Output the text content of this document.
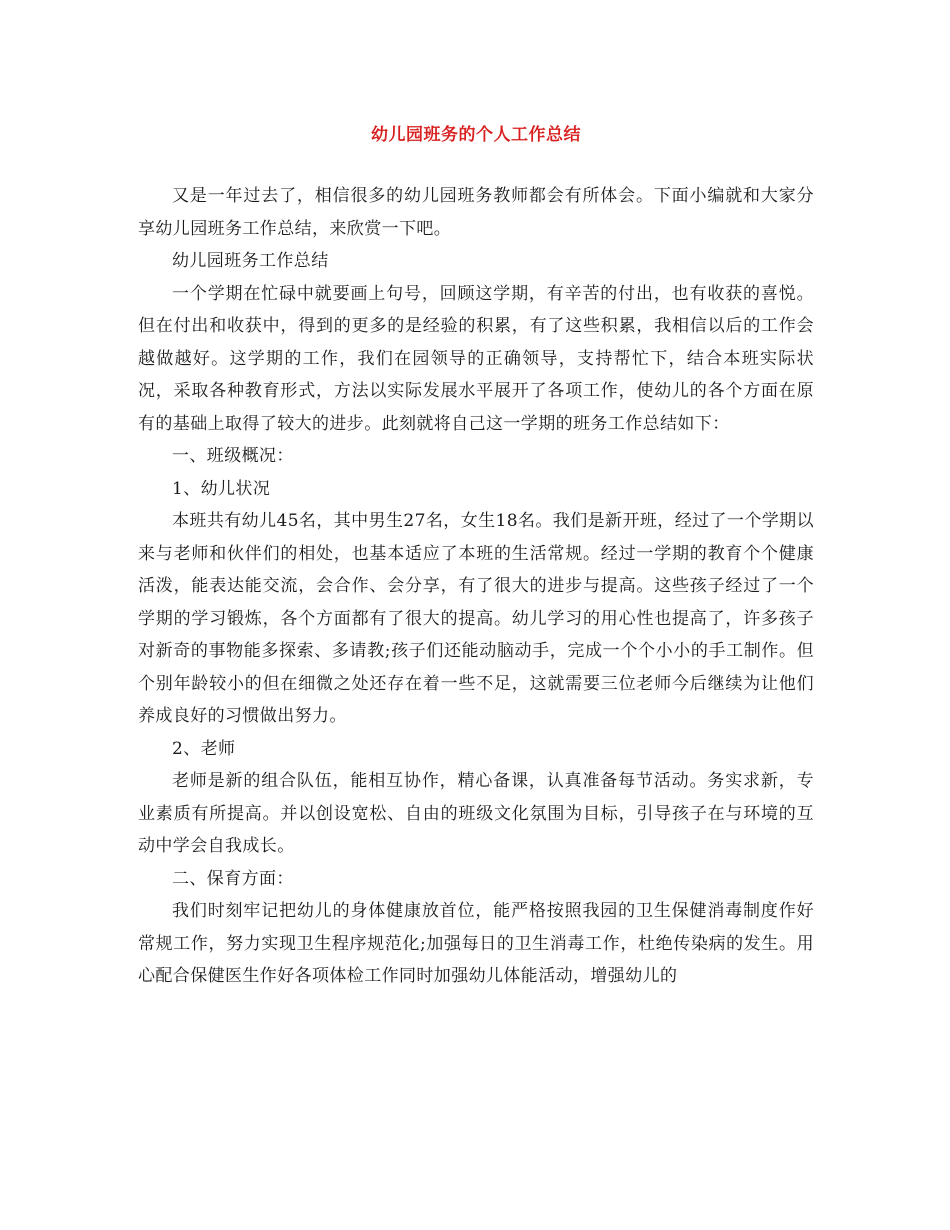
幼儿园班务的个人工作总结

又是一年过去了，相信很多的幼儿园班务教师都会有所体会。下面小编就和大家分享幼儿园班务工作总结，来欣赏一下吧。

幼儿园班务工作总结

一个学期在忙碌中就要画上句号，回顾这学期，有辛苦的付出，也有收获的喜悦。但在付出和收获中，得到的更多的是经验的积累，有了这些积累，我相信以后的工作会越做越好。这学期的工作，我们在园领导的正确领导，支持帮忙下，结合本班实际状况，采取各种教育形式，方法以实际发展水平展开了各项工作，使幼儿的各个方面在原有的基础上取得了较大的进步。此刻就将自己这一学期的班务工作总结如下：

一、班级概况：

1、幼儿状况

本班共有幼儿45名，其中男生27名，女生18名。我们是新开班，经过了一个学期以来与老师和伙伴们的相处，也基本适应了本班的生活常规。经过一学期的教育个个健康活泼，能表达能交流，会合作、会分享，有了很大的进步与提高。这些孩子经过了一个学期的学习锻炼，各个方面都有了很大的提高。幼儿学习的用心性也提高了，许多孩子对新奇的事物能多探索、多请教;孩子们还能动脑动手，完成一个个小小的手工制作。但个别年龄较小的但在细微之处还存在着一些不足，这就需要三位老师今后继续为让他们养成良好的习惯做出努力。

2、老师

老师是新的组合队伍，能相互协作，精心备课，认真准备每节活动。务实求新，专业素质有所提高。并以创设宽松、自由的班级文化氛围为目标，引导孩子在与环境的互动中学会自我成长。

二、保育方面：

我们时刻牢记把幼儿的身体健康放首位，能严格按照我园的卫生保健消毒制度作好常规工作，努力实现卫生程序规范化;加强每日的卫生消毒工作，杜绝传染病的发生。用心配合保健医生作好各项体检工作同时加强幼儿体能活动，增强幼儿的
